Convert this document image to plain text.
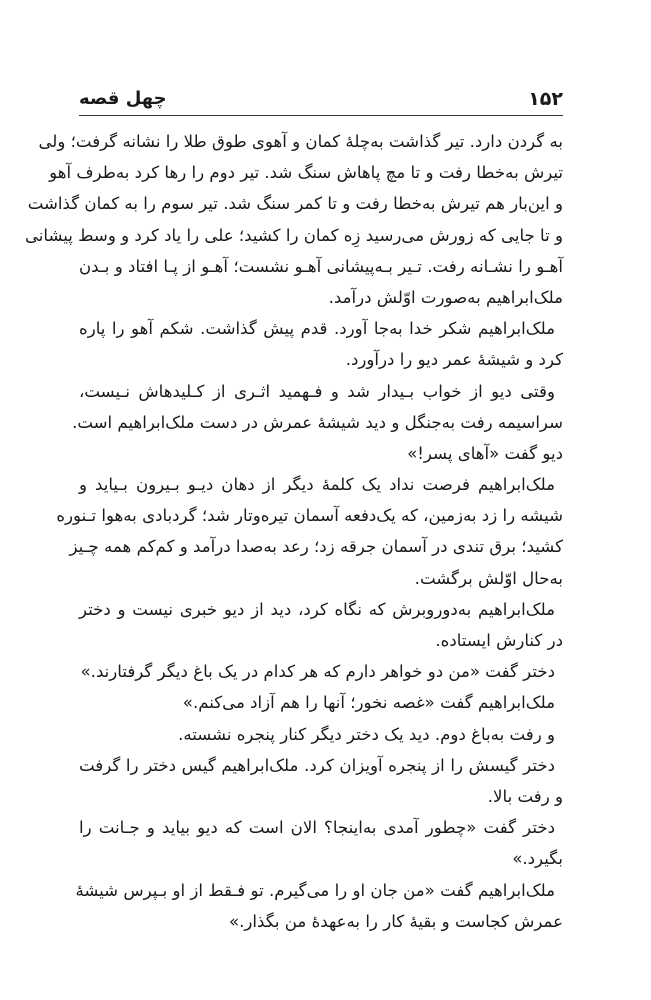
۱۵۲
چهل قصه
به گردن دارد. تیر گذاشت به‌چلهٔ کمان و آهوی طوق طلا را نشانه گرفت؛ ولی
تیرش به‌خطا رفت و تا مچ پاهاش سنگ شد. تیر دوم را رها کرد به‌طرف آهو
و این‌بار هم تیرش به‌خطا رفت و تا کمر سنگ شد. تیر سوم را به کمان گذاشت
و تا جایی که زورش می‌رسید زِه کمان را کشید؛ علی را یاد کرد و وسط پیشانی
آهـو را نشـانه رفت. تـیر بـه‌پیشانی آهـو نشست؛ آهـو از پـا افتاد و بـدن
ملک‌ابراهیم به‌صورت اوّلش درآمد.
ملک‌ابراهیم شکر خدا به‌جا آورد. قدم پیش گذاشت. شکم آهو را پاره
کرد و شیشهٔ عمر دیو را درآورد.
وقتی دیو از خواب بـیدار شد و فـهمید اثـری از کـلیدهاش نـیست،
سراسیمه رفت به‌جنگل و دید شیشهٔ عمرش در دست ملک‌ابراهیم است.
دیو گفت «آهای پسر!»
ملک‌ابراهیم فرصت نداد یک کلمهٔ دیگر از دهان دیـو بـیرون بـیاید و
شیشه را زد به‌زمین، که یک‌دفعه آسمان تیره‌وتار شد؛ گردبادی به‌هوا تـنوره
کشید؛ برق تندی در آسمان جرقه زد؛ رعد به‌صدا درآمد و کم‌کم همه چـیز
به‌حال اوّلش برگشت.
ملک‌ابراهیم به‌دوروبرش که نگاه کرد، دید از دیو خبری نیست و دختر
در کنارش ایستاده.
دختر گفت «من دو خواهر دارم که هر کدام در یک باغ دیگر گرفتارند.»
ملک‌ابراهیم گفت «غصه نخور؛ آنها را هم آزاد می‌کنم.»
و رفت به‌باغ دوم. دید یک دختر دیگر کنار پنجره نشسته.
دختر گیسش را از پنجره آویزان کرد. ملک‌ابراهیم گیس دختر را گرفت
و رفت بالا.
دختر گفت «چطور آمدی به‌اینجا؟ الان است که دیو بیاید و جـانت را
بگیرد.»
ملک‌ابراهیم گفت «من جان او را می‌گیرم. تو فـقط از او بـپرس شیشهٔ
عمرش کجاست و بقیهٔ کار را به‌عهدهٔ من بگذار.»
